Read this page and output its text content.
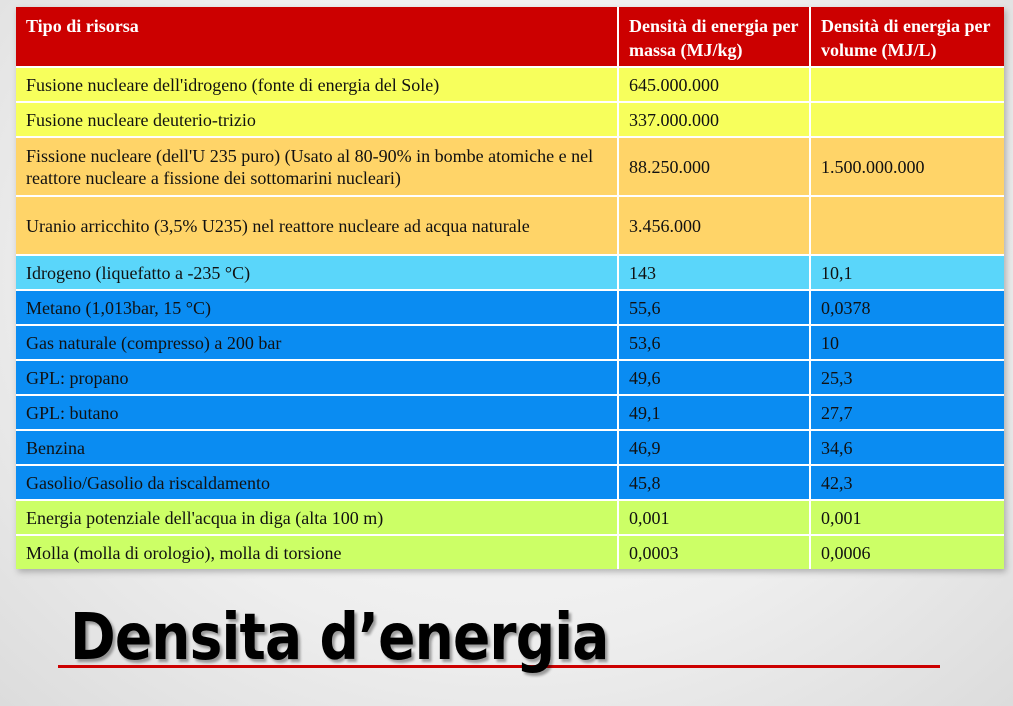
Tipo di risorsa	Densità di energia per massa (MJ/kg)	Densità di energia per volume (MJ/L)
Fusione nucleare dell'idrogeno (fonte di energia del Sole)	645.000.000	
Fusione nucleare deuterio-trizio	337.000.000	
Fissione nucleare (dell'U 235 puro) (Usato al 80-90% in bombe atomiche e nel reattore nucleare a fissione dei sottomarini nucleari)	88.250.000	1.500.000.000
Uranio arricchito (3,5% U235) nel reattore nucleare ad acqua naturale	3.456.000	
Idrogeno (liquefatto a -235 °C)	143	10,1
Metano (1,013bar, 15 °C)	55,6	0,0378
Gas naturale (compresso) a 200 bar	53,6	10
GPL: propano	49,6	25,3
GPL: butano	49,1	27,7
Benzina	46,9	34,6
Gasolio/Gasolio da riscaldamento	45,8	42,3
Energia potenziale dell'acqua in diga (alta 100 m)	0,001	0,001
Molla (molla di orologio), molla di torsione	0,0003	0,0006
Densita d’energia
